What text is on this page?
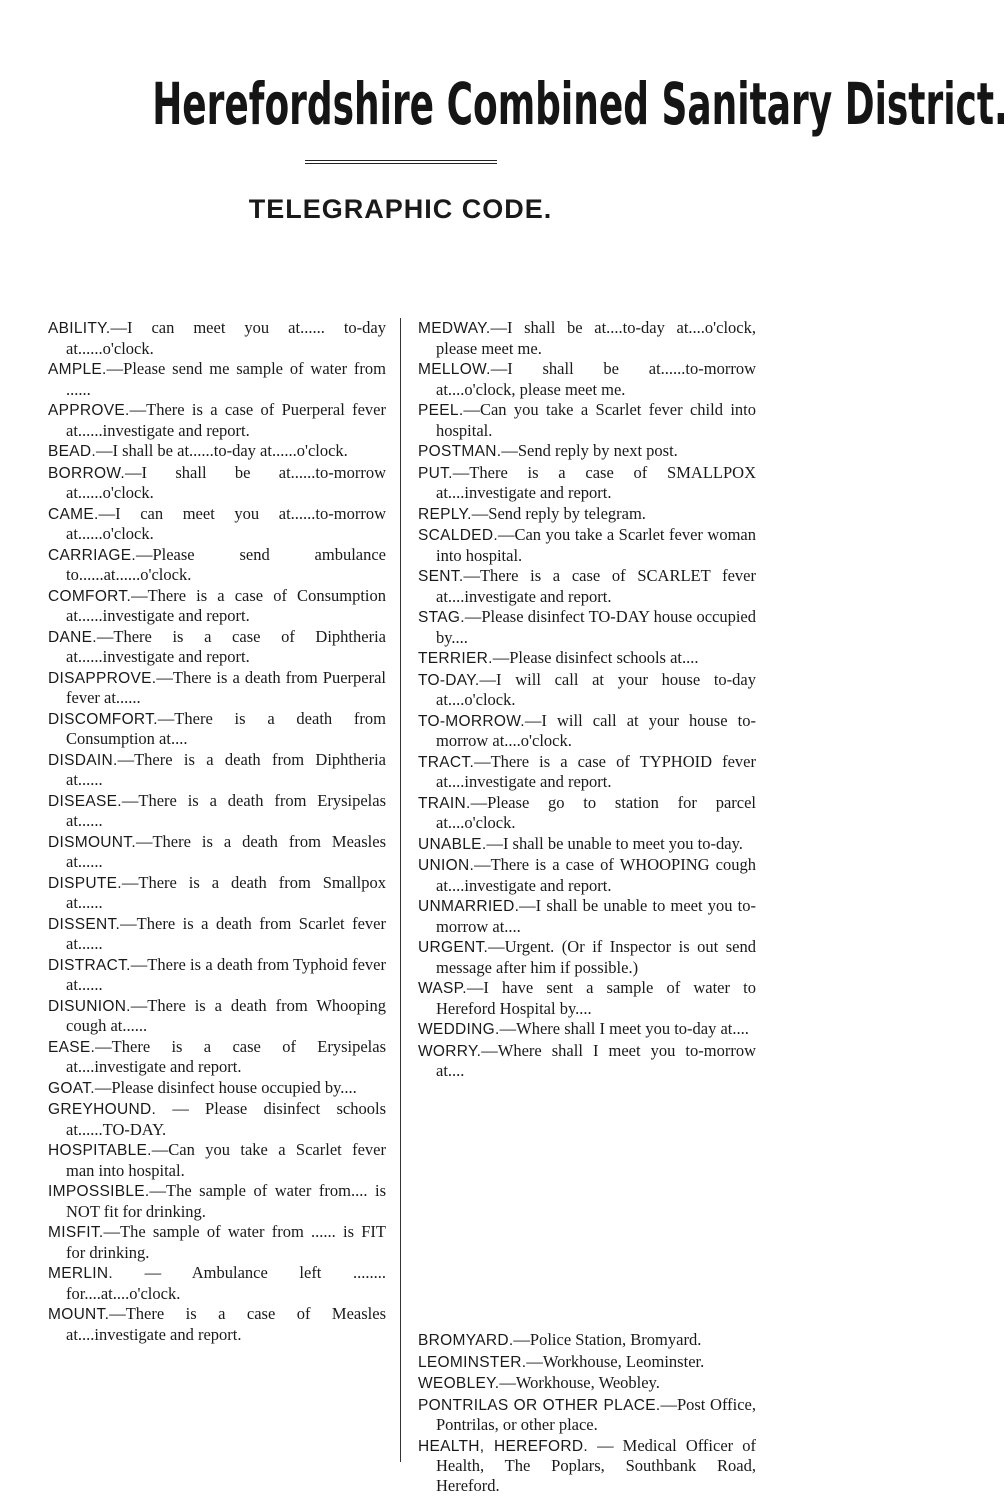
Herefordshire Combined Sanitary District.
TELEGRAPHIC CODE.

ABILITY.—I can meet you at...... to-day at......o'clock.

AMPLE.—Please send me sample of water from ......

APPROVE.—There is a case of Puerperal fever at......investigate and report.

BEAD.—I shall be at......to-day at......o'clock.

BORROW.—I shall be at......to-morrow at......o'clock.

CAME.—I can meet you at......to-morrow at......o'clock.

CARRIAGE.—Please send ambulance to......at......o'clock.

COMFORT.—There is a case of Consumption at......investigate and report.

DANE.—There is a case of Diphtheria at......investigate and report.

DISAPPROVE.—There is a death from Puerperal fever at......

DISCOMFORT.—There is a death from Consumption at....

DISDAIN.—There is a death from Diphtheria at......

DISEASE.—There is a death from Erysipelas at......

DISMOUNT.—There is a death from Measles at......

DISPUTE.—There is a death from Smallpox at......

DISSENT.—There is a death from Scarlet fever at......

DISTRACT.—There is a death from Typhoid fever at......

DISUNION.—There is a death from Whooping cough at......

EASE.—There is a case of Erysipelas at....investigate and report.

GOAT.—Please disinfect house occupied by....

GREYHOUND. — Please disinfect schools at......TO-DAY.

HOSPITABLE.—Can you take a Scarlet fever man into hospital.

IMPOSSIBLE.—The sample of water from.... is NOT fit for drinking.

MISFIT.—The sample of water from ...... is FIT for drinking.

MERLIN. — Ambulance left ........ for....at....o'clock.

MOUNT.—There is a case of Measles at....investigate and report.

MEDWAY.—I shall be at....to-day at....o'clock, please meet me.

MELLOW.—I shall be at......to-morrow at....o'clock, please meet me.

PEEL.—Can you take a Scarlet fever child into hospital.

POSTMAN.—Send reply by next post.

PUT.—There is a case of SMALLPOX at....investigate and report.

REPLY.—Send reply by telegram.

SCALDED.—Can you take a Scarlet fever woman into hospital.

SENT.—There is a case of SCARLET fever at....investigate and report.

STAG.—Please disinfect TO-DAY house occupied by....

TERRIER.—Please disinfect schools at....

TO-DAY.—I will call at your house to-day at....o'clock.

TO-MORROW.—I will call at your house to-morrow at....o'clock.

TRACT.—There is a case of TYPHOID fever at....investigate and report.

TRAIN.—Please go to station for parcel at....o'clock.

UNABLE.—I shall be unable to meet you to-day.

UNION.—There is a case of WHOOPING cough at....investigate and report.

UNMARRIED.—I shall be unable to meet you to-morrow at....

URGENT.—Urgent. (Or if Inspector is out send message after him if possible.)

WASP.—I have sent a sample of water to Hereford Hospital by....

WEDDING.—Where shall I meet you to-day at....

WORRY.—Where shall I meet you to-morrow at....

BROMYARD.—Police Station, Bromyard.

LEOMINSTER.—Workhouse, Leominster.

WEOBLEY.—Workhouse, Weobley.

PONTRILAS OR OTHER PLACE.—Post Office, Pontrilas, or other place.

HEALTH, HEREFORD. — Medical Officer of Health, The Poplars, Southbank Road, Hereford.
